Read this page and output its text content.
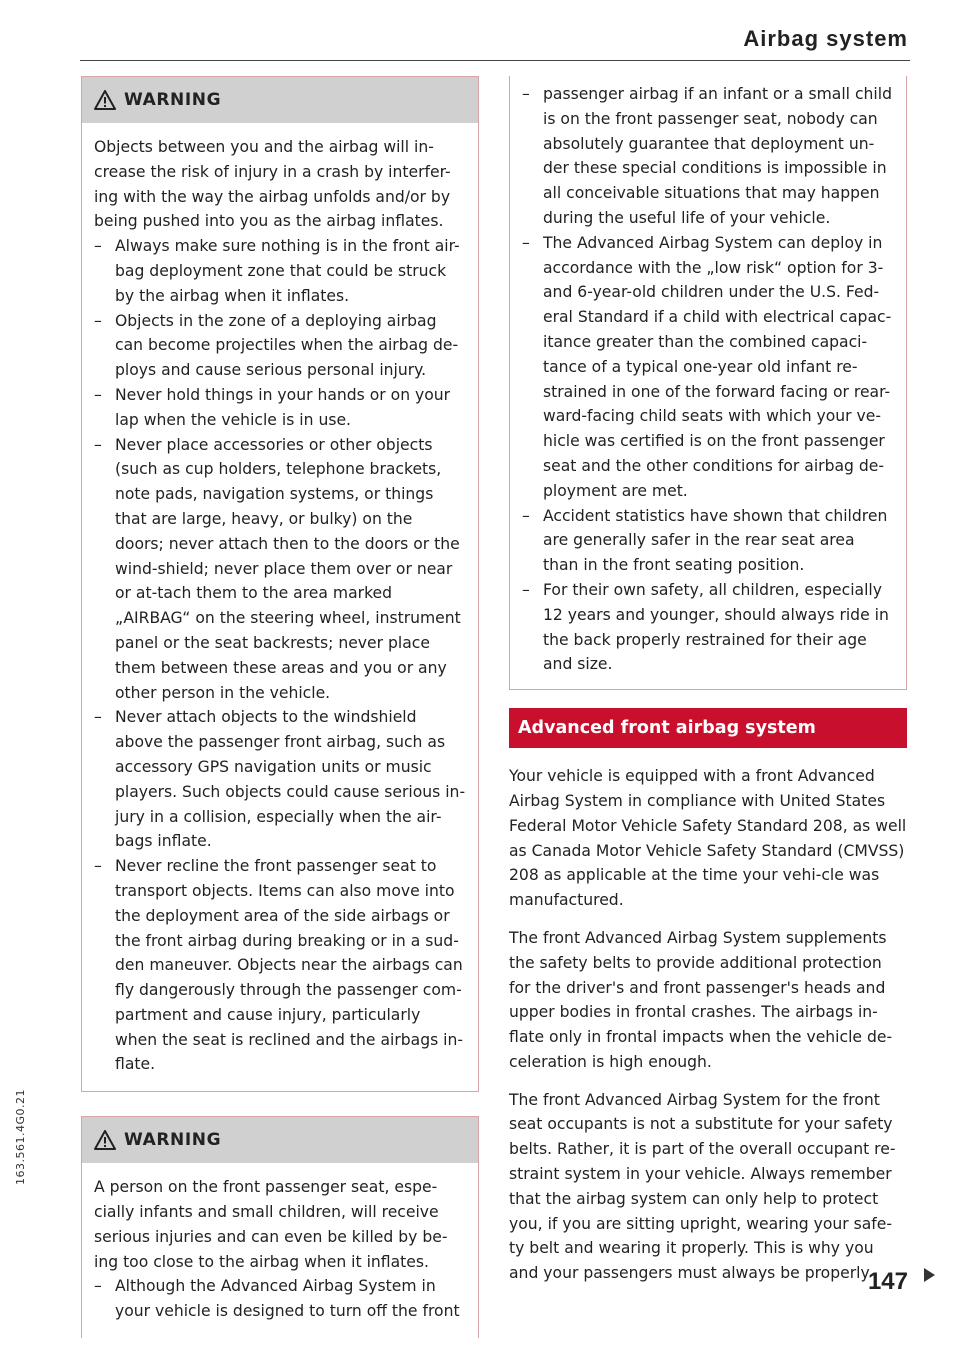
Airbag system
163.561.4G0.21
WARNING

Objects between you and the airbag will in-crease the risk of injury in a crash by interfer-ing with the way the airbag unfolds and/or by being pushed into you as the airbag inflates.

– Always make sure nothing is in the front air-bag deployment zone that could be struck by the airbag when it inflates.
– Objects in the zone of a deploying airbag can become projectiles when the airbag de-ploys and cause serious personal injury.
– Never hold things in your hands or on your lap when the vehicle is in use.
– Never place accessories or other objects (such as cup holders, telephone brackets, note pads, navigation systems, or things that are large, heavy, or bulky) on the doors; never attach then to the doors or the wind-shield; never place them over or near or at-tach them to the area marked „AIRBAG“ on the steering wheel, instrument panel or the seat backrests; never place them between these areas and you or any other person in the vehicle.
– Never attach objects to the windshield above the passenger front airbag, such as accessory GPS navigation units or music players. Such objects could cause serious in-jury in a collision, especially when the air-bags inflate.
– Never recline the front passenger seat to transport objects. Items can also move into the deployment area of the side airbags or the front airbag during breaking or in a sud-den maneuver. Objects near the airbags can fly dangerously through the passenger com-partment and cause injury, particularly when the seat is reclined and the airbags in-flate.
WARNING

A person on the front passenger seat, espe-cially infants and small children, will receive serious injuries and can even be killed by be-ing too close to the airbag when it inflates.

– Although the Advanced Airbag System in your vehicle is designed to turn off the front
– passenger airbag if an infant or a small child is on the front passenger seat, nobody can absolutely guarantee that deployment un-der these special conditions is impossible in all conceivable situations that may happen during the useful life of your vehicle.
– The Advanced Airbag System can deploy in accordance with the „low risk“ option for 3- and 6-year-old children under the U.S. Fed-eral Standard if a child with electrical capac-itance greater than the combined capaci-tance of a typical one-year old infant re-strained in one of the forward facing or rear-ward-facing child seats with which your ve-hicle was certified is on the front passenger seat and the other conditions for airbag de-ployment are met.
– Accident statistics have shown that children are generally safer in the rear seat area than in the front seating position.
– For their own safety, all children, especially 12 years and younger, should always ride in the back properly restrained for their age and size.
Advanced front airbag system

Your vehicle is equipped with a front Advanced Airbag System in compliance with United States Federal Motor Vehicle Safety Standard 208, as well as Canada Motor Vehicle Safety Standard (CMVSS) 208 as applicable at the time your vehi-cle was manufactured.

The front Advanced Airbag System supplements the safety belts to provide additional protection for the driver's and front passenger's heads and upper bodies in frontal crashes. The airbags in-flate only in frontal impacts when the vehicle de-celeration is high enough.

The front Advanced Airbag System for the front seat occupants is not a substitute for your safety belts. Rather, it is part of the overall occupant re-straint system in your vehicle. Always remember that the airbag system can only help to protect you, if you are sitting upright, wearing your safe-ty belt and wearing it properly. This is why you and your passengers must always be properly

147
